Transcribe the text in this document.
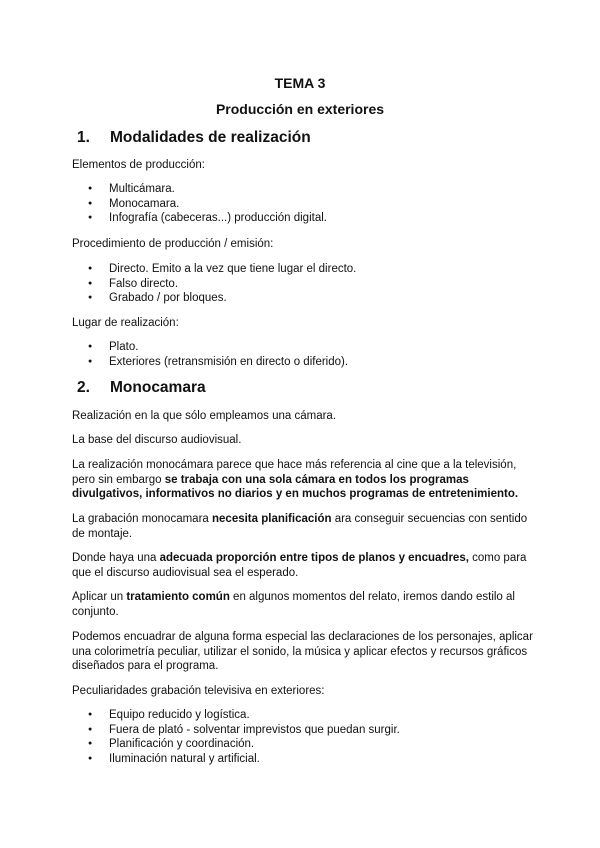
TEMA 3
Producción en exteriores
1. Modalidades de realización
Elementos de producción:
● Multicámara.
● Monocamara.
● Infografía (cabeceras...) producción digital.
Procedimiento de producción / emisión:
● Directo. Emito a la vez que tiene lugar el directo.
● Falso directo.
● Grabado / por bloques.
Lugar de realización:
● Plato.
● Exteriores (retransmisión en directo o diferido).
2. Monocamara
Realización en la que sólo empleamos una cámara.
La base del discurso audiovisual.
La realización monocámara parece que hace más referencia al cine que a la televisión, pero sin embargo se trabaja con una sola cámara en todos los programas divulgativos, informativos no diarios y en muchos programas de entretenimiento.
La grabación monocamara necesita planificación ara conseguir secuencias con sentido de montaje.
Donde haya una adecuada proporción entre tipos de planos y encuadres, como para que el discurso audiovisual sea el esperado.
Aplicar un tratamiento común en algunos momentos del relato, iremos dando estilo al conjunto.
Podemos encuadrar de alguna forma especial las declaraciones de los personajes, aplicar una colorimetría peculiar, utilizar el sonido, la música y aplicar efectos y recursos gráficos diseñados para el programa.
Peculiaridades grabación televisiva en exteriores:
● Equipo reducido y logística.
● Fuera de plató - solventar imprevistos que puedan surgir.
● Planificación y coordinación.
● Iluminación natural y artificial.
